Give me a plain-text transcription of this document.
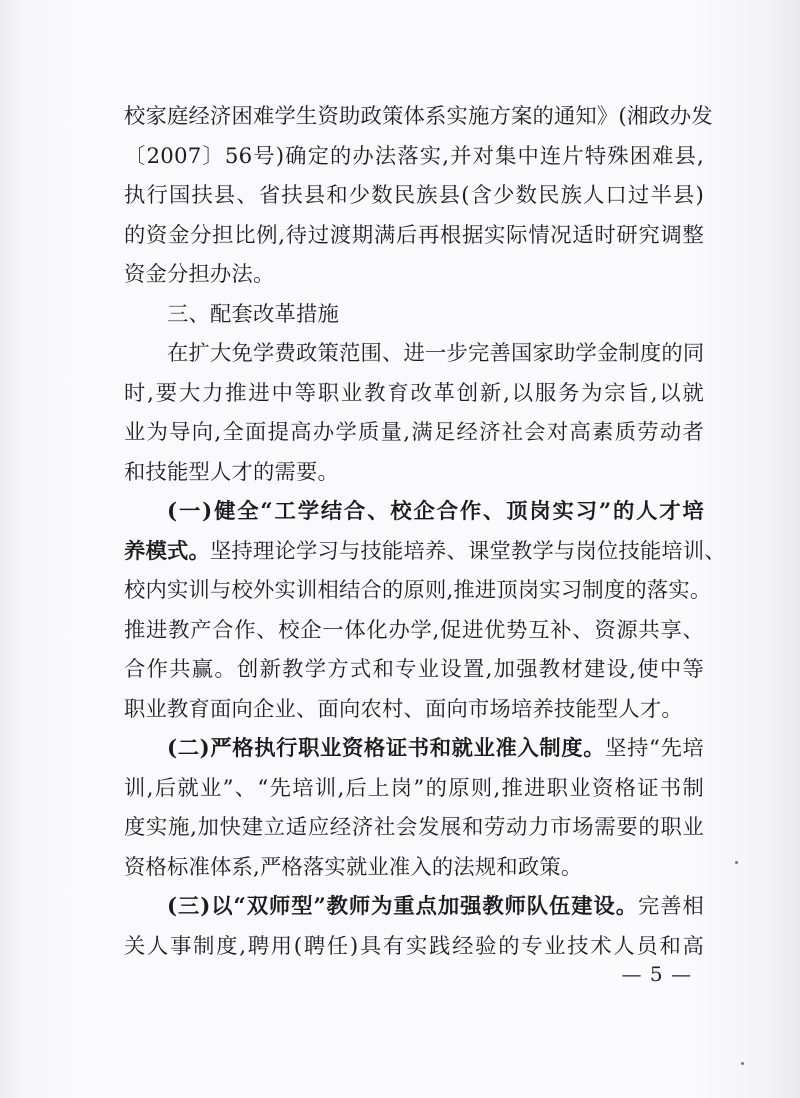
校家庭经济困难学生资助政策体系实施方案的通知》(湘政办发
〔2007〕56号)确定的办法落实,并对集中连片特殊困难县,
执行国扶县、省扶县和少数民族县(含少数民族人口过半县)
的资金分担比例,待过渡期满后再根据实际情况适时研究调整
资金分担办法。
三、配套改革措施
在扩大免学费政策范围、进一步完善国家助学金制度的同
时,要大力推进中等职业教育改革创新,以服务为宗旨,以就
业为导向,全面提高办学质量,满足经济社会对高素质劳动者
和技能型人才的需要。
(一)健全“工学结合、校企合作、顶岗实习”的人才培
养模式。坚持理论学习与技能培养、课堂教学与岗位技能培训、
校内实训与校外实训相结合的原则,推进顶岗实习制度的落实。
推进教产合作、校企一体化办学,促进优势互补、资源共享、
合作共赢。创新教学方式和专业设置,加强教材建设,使中等
职业教育面向企业、面向农村、面向市场培养技能型人才。
(二)严格执行职业资格证书和就业准入制度。坚持“先培
训,后就业”、“先培训,后上岗”的原则,推进职业资格证书制
度实施,加快建立适应经济社会发展和劳动力市场需要的职业
资格标准体系,严格落实就业准入的法规和政策。
(三)以“双师型”教师为重点加强教师队伍建设。完善相
关人事制度,聘用(聘任)具有实践经验的专业技术人员和高
— 5 —
